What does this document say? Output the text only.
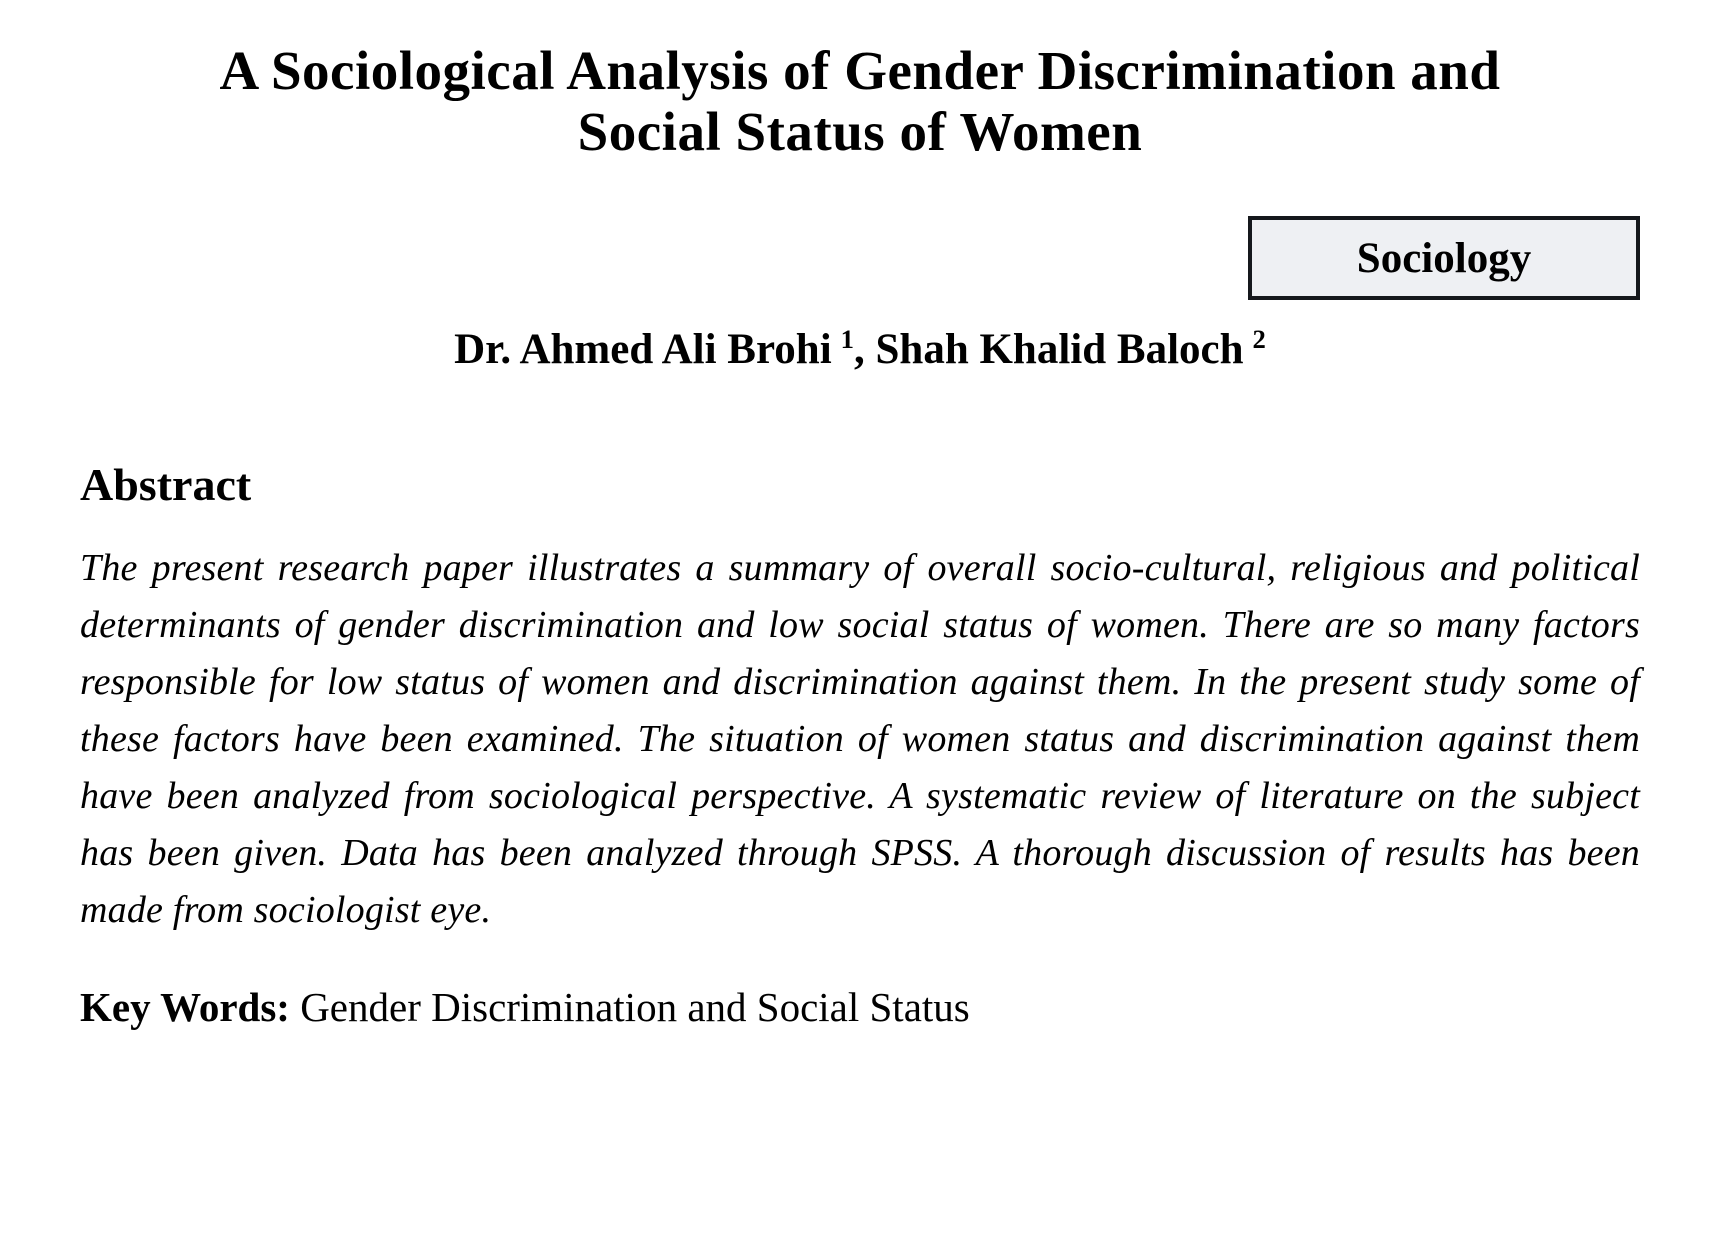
A Sociological Analysis of Gender Discrimination and
Social Status of Women
Sociology
Dr. Ahmed Ali Brohi $^1$, Shah Khalid Baloch $^2$
Abstract
The present research paper illustrates a summary of overall socio-cultural, religious and political determinants of gender discrimination and low social status of women. There are so many factors responsible for low status of women and discrimination against them. In the present study some of these factors have been examined. The situation of women status and discrimination against them have been analyzed from sociological perspective. A systematic review of literature on the subject has been given. Data has been analyzed through SPSS. A thorough discussion of results has been made from sociologist eye.
Key Words: Gender Discrimination and Social Status
